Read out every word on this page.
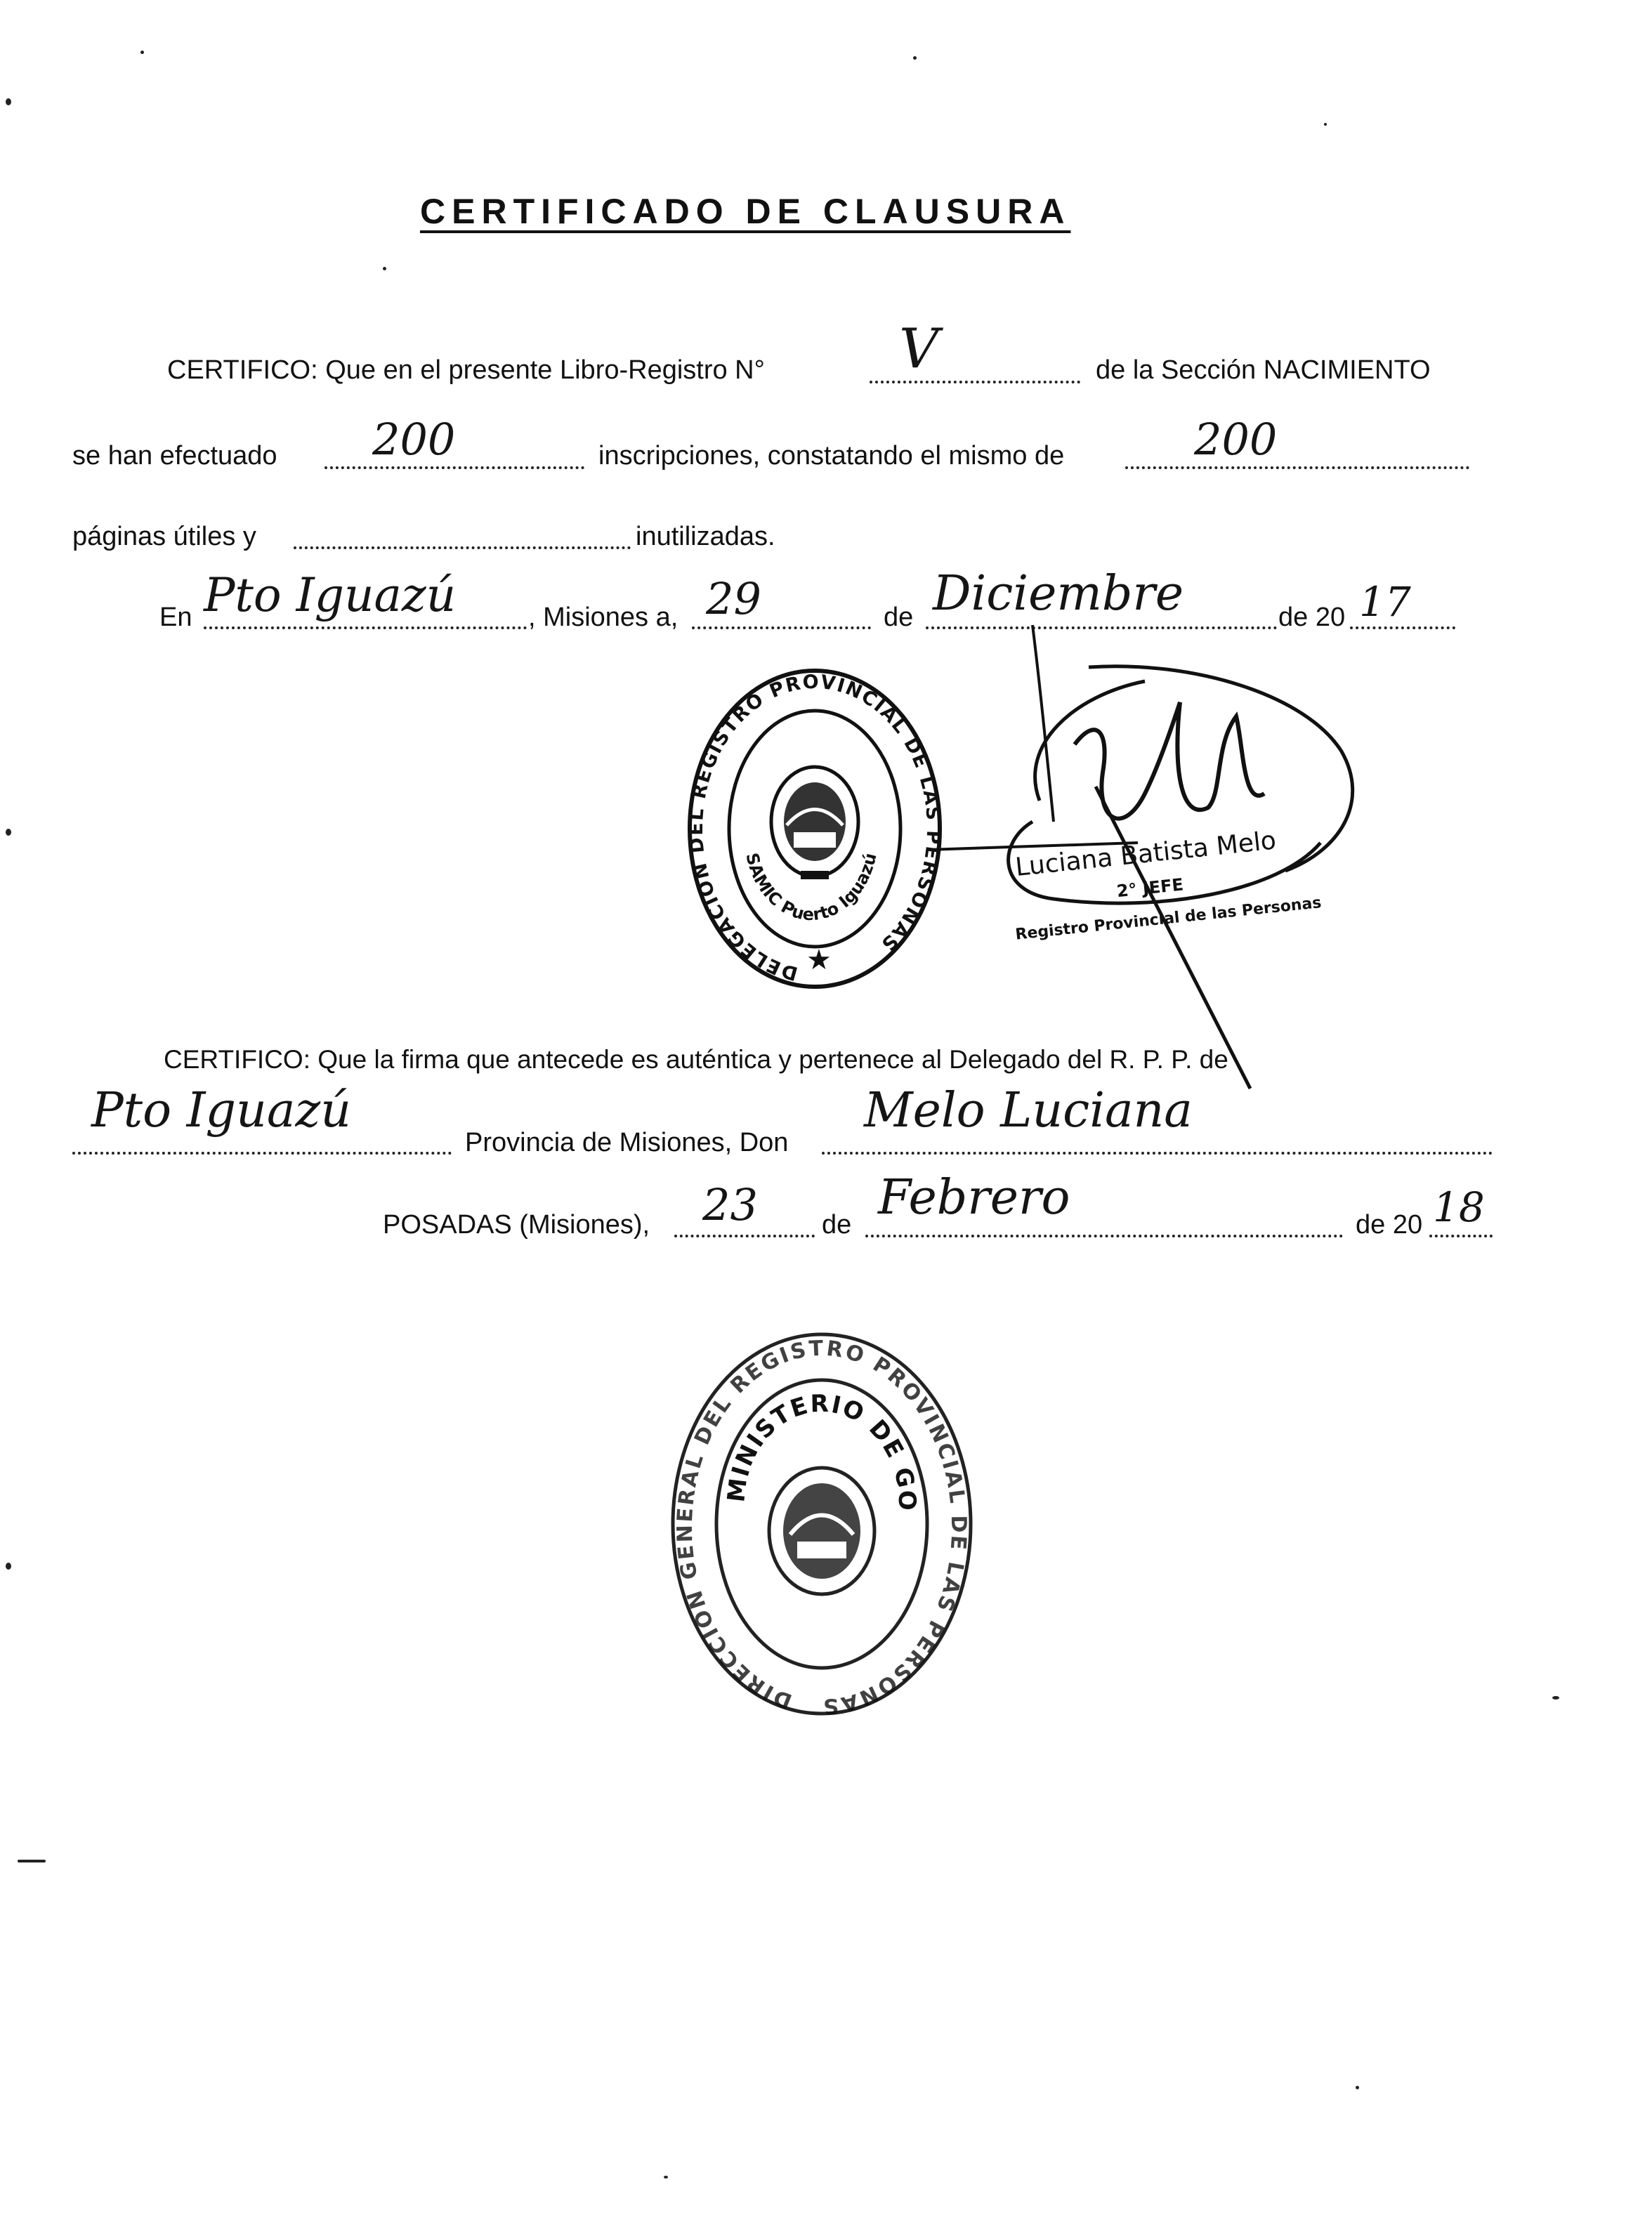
CERTIFICADO DE CLAUSURA
CERTIFICO: Que en el presente Libro-Registro N° V	de la Sección NACIMIENTO
se han efectuado 200	inscripciones, constatando el mismo de	200
páginas útiles y	inutilizadas.
En Pto Iguazú	, Misiones a, 29	de Diciembre	de 20 17
DELEGACION DEL REGISTRO PROVINCIAL DE LAS PERSONAS
SAMIC Puerto Iguazú
★
Luciana Batista Melo
2° JEFE
Registro Provincial de las Personas
CERTIFICO: Que la firma que antecede es auténtica y pertenece al Delegado del R. P. P. de
Pto Iguazú
Provincia de Misiones, Don
Melo Luciana
POSADAS (Misiones), 23 de Febrero	de 20 18
DIRECCION GENERAL DEL REGISTRO PROVINCIAL DE LAS PERSONAS
MINISTERIO DE GOBIERNO
